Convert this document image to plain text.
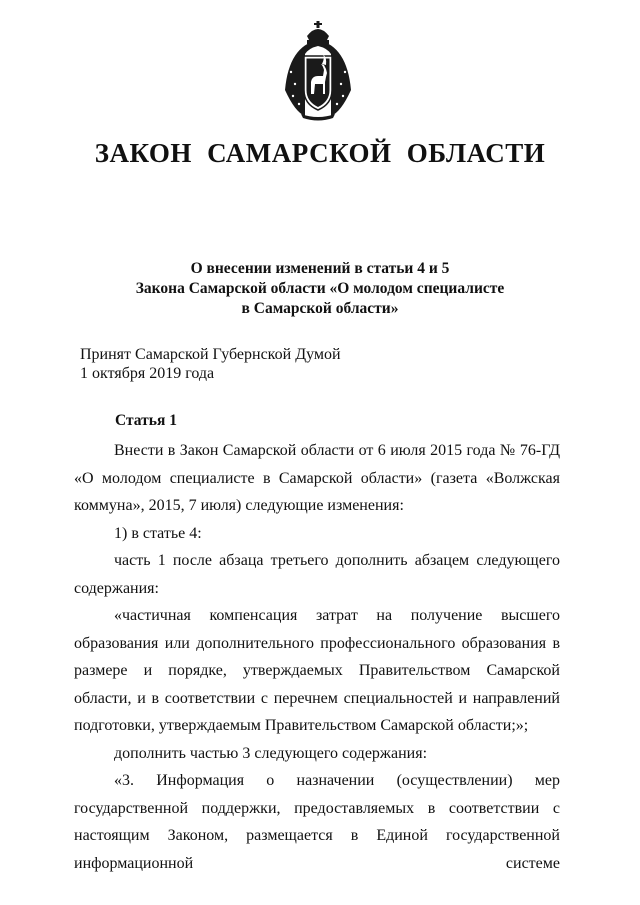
ЗАКОН САМАРСКОЙ ОБЛАСТИ
О внесении изменений в статьи 4 и 5
Закона Самарской области «О молодом специалисте
в Самарской области»
Принят Самарской Губернской Думой
1 октября 2019 года
Статья 1

Внести в Закон Самарской области от 6 июля 2015 года № 76-ГД «О молодом специалисте в Самарской области» (газета «Волжская коммуна», 2015, 7 июля) следующие изменения:

1) в статье 4:

часть 1 после абзаца третьего дополнить абзацем следующего содержания:

«частичная компенсация затрат на получение высшего образования или дополнительного профессионального образования в размере и порядке, утверждаемых Правительством Самарской области, и в соответствии с перечнем специальностей и направлений подготовки, утверждаемым Правительством Самарской области;»;

дополнить частью 3 следующего содержания:

«3. Информация о назначении (осуществлении) мер государственной поддержки, предоставляемых в соответствии с настоящим Законом, размещается в Единой государственной информационной системе
